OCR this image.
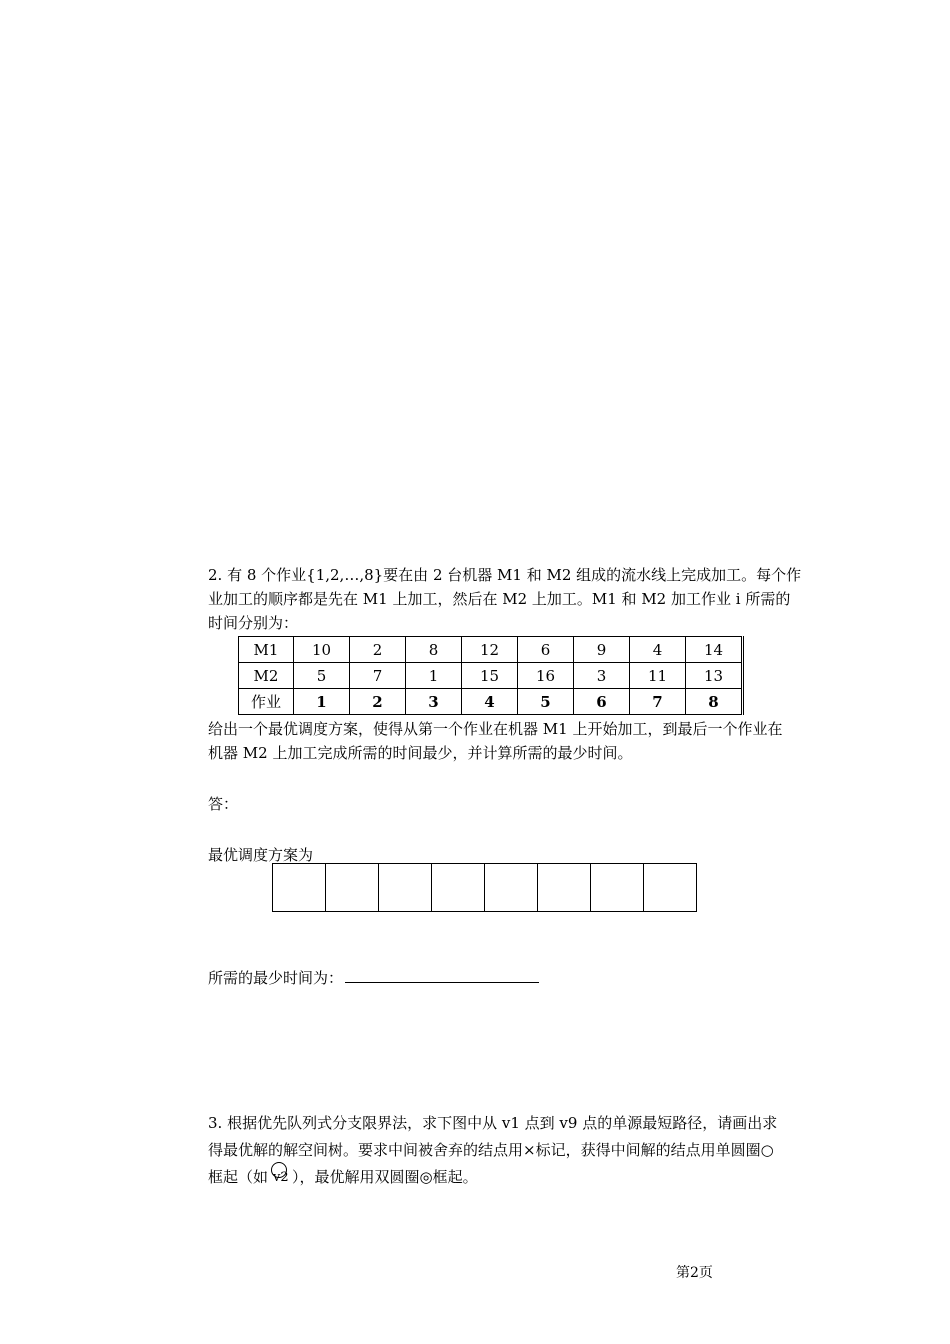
2. 有 8 个作业{1,2,…,8}要在由 2 台机器 M1 和 M2 组成的流水线上完成加工。每个作
业加工的顺序都是先在 M1 上加工，然后在 M2 上加工。M1 和 M2 加工作业 i 所需的
时间分别为：
M1	10	2	8	12	6	9	4	14
M2	5	7	1	15	16	3	11	13
作业	1	2	3	4	5	6	7	8
给出一个最优调度方案，使得从第一个作业在机器 M1 上开始加工，到最后一个作业在
机器 M2 上加工完成所需的时间最少，并计算所需的最少时间。
答：
最优调度方案为

所需的最少时间为：
3. 根据优先队列式分支限界法，求下图中从 v1 点到 v9 点的单源最短路径，请画出求
得最优解的解空间树。要求中间被舍弃的结点用×标记，获得中间解的结点用单圆圈○
框起（如 v2 ），最优解用双圆圈◎框起。
第2页
